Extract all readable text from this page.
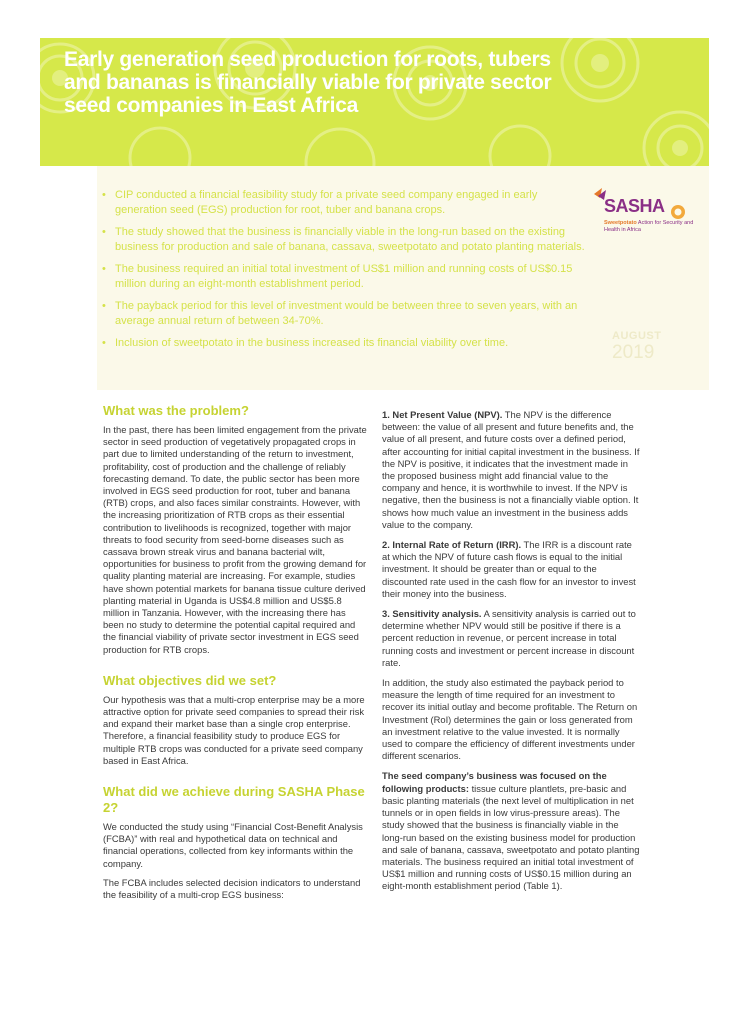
Early generation seed production for roots, tubers and bananas is financially viable for private sector seed companies in East Africa
• CIP conducted a financial feasibility study for a private seed company engaged in early generation seed (EGS) production for root, tuber and banana crops.
• The study showed that the business is financially viable in the long-run based on the existing business for production and sale of banana, cassava, sweetpotato and potato planting materials.
• The business required an initial total investment of US$1 million and running costs of US$0.15 million during an eight-month establishment period.
• The payback period for this level of investment would be between three to seven years, with an average annual return of between 34-70%.
• Inclusion of sweetpotato in the business increased its financial viability over time.
SASHA
Sweetpotato Action for Security and Health in Africa
AUGUST
2019
What was the problem?

In the past, there has been limited engagement from the private sector in seed production of vegetatively propagated crops in part due to limited understanding of the return to investment, profitability, cost of production and the challenge of reliably forecasting demand. To date, the public sector has been more involved in EGS seed production for root, tuber and banana (RTB) crops, and also faces similar constraints. However, with the increasing prioritization of RTB crops as their essential contribution to livelihoods is recognized, together with major threats to food security from seed-borne diseases such as cassava brown streak virus and banana bacterial wilt, opportunities for business to profit from the growing demand for quality planting material are increasing. For example, studies have shown potential markets for banana tissue culture derived planting material in Uganda is US$4.8 million and US$5.8 million in Tanzania. However, with the increasing there has been no study to determine the potential capital required and the financial viability of private sector investment in EGS seed production for RTB crops.

What objectives did we set?

Our hypothesis was that a multi-crop enterprise may be a more attractive option for private seed companies to spread their risk and expand their market base than a single crop enterprise. Therefore, a financial feasibility study to produce EGS for multiple RTB crops was conducted for a private seed company based in East Africa.

What did we achieve during SASHA Phase 2?

We conducted the study using “Financial Cost-Benefit Analysis (FCBA)” with real and hypothetical data on technical and financial operations, collected from key informants within the company.

The FCBA includes selected decision indicators to understand the feasibility of a multi-crop EGS business:

1. Net Present Value (NPV). The NPV is the difference between: the value of all present and future benefits and, the value of all present, and future costs over a defined period, after accounting for initial capital investment in the business. If the NPV is positive, it indicates that the investment made in the proposed business might add financial value to the company and hence, it is worthwhile to invest. If the NPV is negative, then the business is not a financially viable option. It shows how much value an investment in the business adds value to the company.

2. Internal Rate of Return (IRR). The IRR is a discount rate at which the NPV of future cash flows is equal to the initial investment. It should be greater than or equal to the discounted rate used in the cash flow for an investor to invest their money into the business.

3. Sensitivity analysis. A sensitivity analysis is carried out to determine whether NPV would still be positive if there is a percent reduction in revenue, or percent increase in total running costs and investment or percent increase in discount rate.

In addition, the study also estimated the payback period to measure the length of time required for an investment to recover its initial outlay and become profitable. The Return on Investment (RoI) determines the gain or loss generated from an investment relative to the value invested. It is normally used to compare the efficiency of different investments under different scenarios.

The seed company’s business was focused on the following products: tissue culture plantlets, pre-basic and basic planting materials (the next level of multiplication in net tunnels or in open fields in low virus-pressure areas). The study showed that the business is financially viable in the long-run based on the existing business model for production and sale of banana, cassava, sweetpotato and potato planting materials. The business required an initial total investment of US$1 million and running costs of US$0.15 million during an eight-month establishment period (Table 1).
